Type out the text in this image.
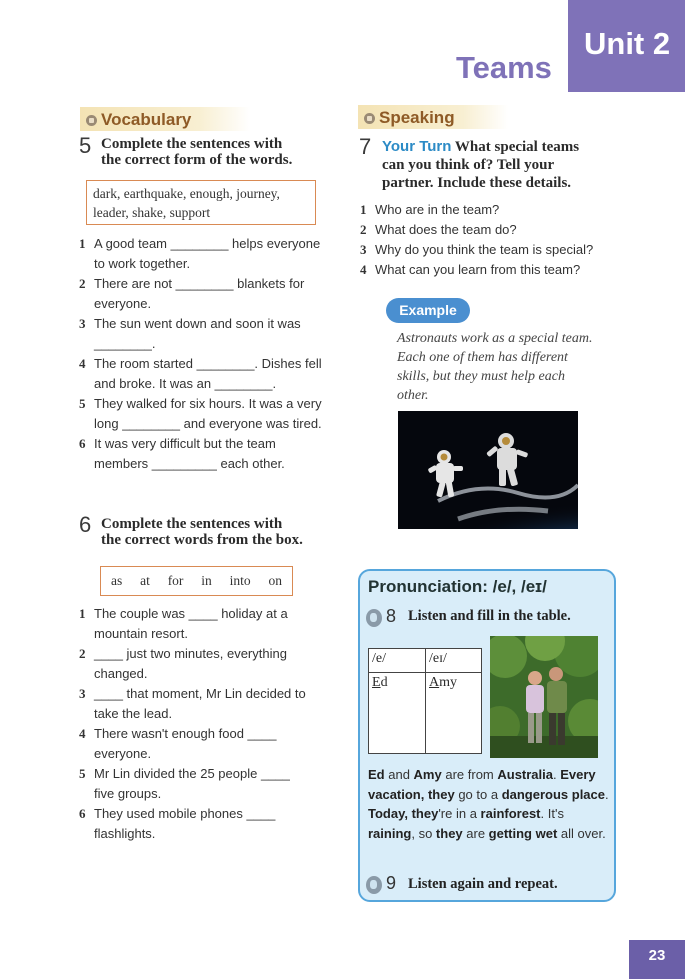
Unit 2
Teams
Vocabulary
5 Complete the sentences with
the correct form of the words.
dark, earthquake, enough, journey,
leader, shake, support
1 A good team ________ helps everyone
to work together.
2 There are not ________ blankets for
everyone.
3 The sun went down and soon it was
________.
4 The room started ________. Dishes fell
and broke. It was an ________.
5 They walked for six hours. It was a very
long ________ and everyone was tired.
6 It was very difficult but the team
members _________ each other.
6 Complete the sentences with
the correct words from the box.
as at for in into on
1 The couple was ____ holiday at a
mountain resort.
2 ____ just two minutes, everything
changed.
3 ____ that moment, Mr Lin decided to
take the lead.
4 There wasn't enough food ____
everyone.
5 Mr Lin divided the 25 people ____
five groups.
6 They used mobile phones ____
flashlights.
Speaking
7 Your Turn What special teams
can you think of? Tell your
partner. Include these details.
1 Who are in the team?
2 What does the team do?
3 Why do you think the team is special?
4 What can you learn from this team?
Example
Astronauts work as a special team.
Each one of them has different
skills, but they must help each
other.
Pronunciation: /e/, /eɪ/
8 Listen and fill in the table.
/e/
Ed
/eɪ/
Amy
Ed and Amy are from Australia. Every vacation, they go to a dangerous place. Today, they're in a rainforest. It's raining, so they are getting wet all over.
9 Listen again and repeat.
23
